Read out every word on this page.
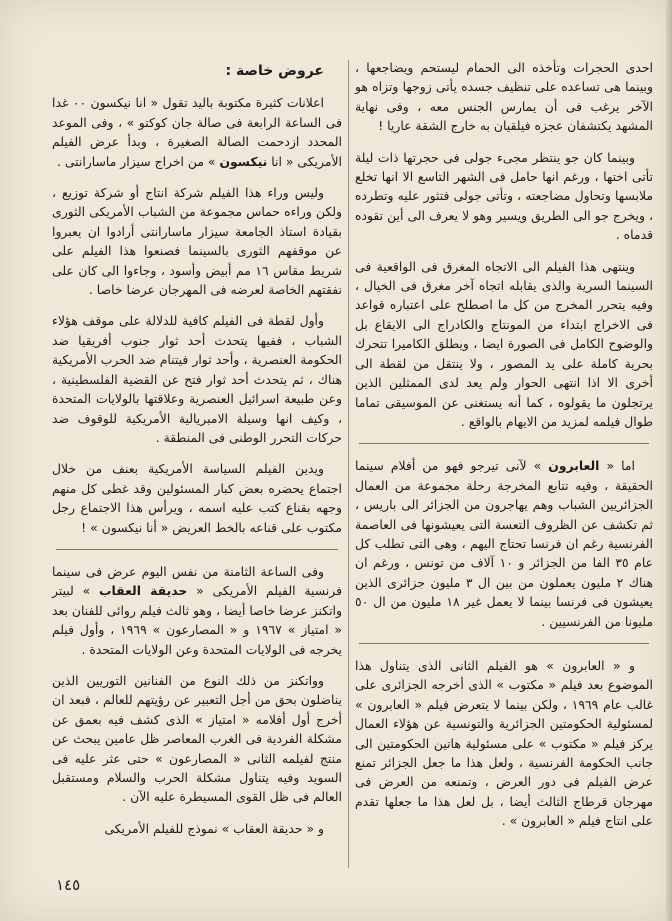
احدى الحجرات وتأخذه الى الحمام ليستحم ويضاجعها ، وبينما هى تساعده على تنظيف جسده يأتى زوجها وتزاه هو الآخر يرغب فى أن يمارس الجنس معه ، وفى نهاية المشهد يكتشفان عجزه فيلقيان به خارج الشقة عاريا !

وبينما كان جو ينتظر مجىء جولى فى حجرتها ذات ليلة تأتى اختها ، ورغم انها حامل فى الشهر التاسع الا انها تخلع ملابسها وتحاول مضاجعته ، وتأتى جولى فتثور عليه وتطرده ، ويخرج جو الى الطريق ويسير وهو لا يعرف الى أين تقوده قدماه .

وينتهى هذا الفيلم الى الاتجاه المغرق فى الواقعية فى السينما السرية والذى يقابله اتجاه آخر مغرق فى الخيال ، وفيه يتحرر المخرج من كل ما اصطلح على اعتباره قواعد فى الاخراج ابتداء من المونتاج والكادراج الى الايقاع بل والوضوح الكامل فى الصورة ايضا ، ويطلق الكاميرا تتحرك بحرية كاملة على يد المصور ، ولا ينتقل من لقطة الى أخرى الا اذا انتهى الحوار ولم يعد لدى الممثلين الذين يرتجلون ما يقولوه ، كما أنه يستغنى عن الموسيقى تماما طوال فيلمه لمزيد من الايهام بالواقع .

اما « العابرون » لآنى تيرجو فهو من أفلام سينما الحقيقة ، وفيه تتابع المخرجة رحلة مجموعة من العمال الجزائريين الشباب وهم يهاجرون من الجزائر الى باريس ، ثم تكشف عن الظروف التعسة التى يعيشونها فى العاصمة الفرنسية رغم ان فرنسا تحتاج اليهم ، وهى التى تطلب كل عام ٣٥ الفا من الجزائر و ١٠ آلاف من تونس ، ورغم ان هناك ٢ مليون يعملون من بين ال ٣ مليون جزائرى الذين يعيشون فى فرنسا بينما لا يعمل غير ١٨ مليون من ال ٥٠ مليونا من الفرنسيين .

و « العابرون » هو الفيلم الثانى الذى يتناول هذا الموضوع بعد فيلم « مكتوب » الذى أخرجه الجزائرى على غالب عام ١٩٦٩ ، ولكن بينما لا يتعرض فيلم « العابرون » لمسئولية الحكومتين الجزائرية والتونسية عن هؤلاء العمال يركز فيلم « مكتوب » على مسئولية هاتين الحكومتين الى جانب الحكومة الفرنسية ، ولعل هذا ما جعل الجزائر تمنع عرض الفيلم فى دور العرض ، وتمنعه من العرض فى مهرجان قرطاج الثالث أيضا ، بل لعل هذا ما جعلها تقدم على انتاج فيلم « العابرون » .

عروض خاصة :

اعلانات كثيرة مكتوبة باليد تقول « انا نيكسون ٠٠ غدا فى الساعة الرابعة فى صالة جان كوكتو » ، وفى الموعد المحدد ازدحمت الصالة الصغيرة ، وبدأ عرض الفيلم الأمريكى « انا نيكسون » من اخراج سيزار ماسارانتى .

وليس وراء هذا الفيلم شركة انتاج أو شركة توزيع ، ولكن وراءه حماس مجموعة من الشباب الأمريكى الثورى بقيادة استاذ الجامعة سيزار ماسارانتى أرادوا ان يعبروا عن موقفهم الثورى بالسينما فصنعوا هذا الفيلم على شريط مقاس ١٦ مم أبيض وأسود ، وجاءوا الى كان على نفقتهم الخاصة لعرضه فى المهرجان عرضا خاصا .

وأول لقطة فى الفيلم كافية للدلالة على موقف هؤلاء الشباب ، ففيها يتحدث أحد ثوار جنوب أفريقيا ضد الحكومة العنصرية ، وأحد ثوار فيتنام ضد الحرب الأمريكية هناك ، ثم يتحدث أحد ثوار فتح عن القضية الفلسطينية ، وعن طبيعة اسرائيل العنصرية وعلاقتها بالولايات المتحدة ، وكيف انها وسيلة الامبريالية الأمريكية للوقوف ضد حركات التحرر الوطنى فى المنطقة .

ويدين الفيلم السياسة الأمريكية بعنف من خلال اجتماع يحضره بعض كبار المسئولين وقد غطى كل منهم وجهه بقناع كتب عليه اسمه ، ويرأس هذا الاجتماع رجل مكتوب على قناعه بالخط العريض « أنا نيكسون » !

وفى الساعة الثامنة من نفس اليوم عرض فى سينما فرنسية الفيلم الأمريكى « حديقة العقاب » لبيتر واتكنز عرضا خاصا أيضا ، وهو ثالث فيلم روائى للفنان بعد « امتياز » ١٩٦٧ و « المصارعون » ١٩٦٩ ، وأول فيلم يخرجه فى الولايات المتحدة وعن الولايات المتحدة .

وواتكنز من ذلك النوع من الفنانين التوريين الذين يناضلون بحق من أجل التعبير عن رؤيتهم للعالم ، فبعد ان أخرج أول أفلامه « امتياز » الذى كشف فيه بعمق عن مشكلة الفردية فى الغرب المعاصر ظل عامين يبحث عن منتج لفيلمه الثانى « المصارعون » حتى عثر عليه فى السويد وفيه يتناول مشكلة الحرب والسلام ومستقبل العالم فى ظل القوى المسيطرة عليه الآن .

و « حديقة العقاب » نموذج للفيلم الأمريكى

١٤٥
